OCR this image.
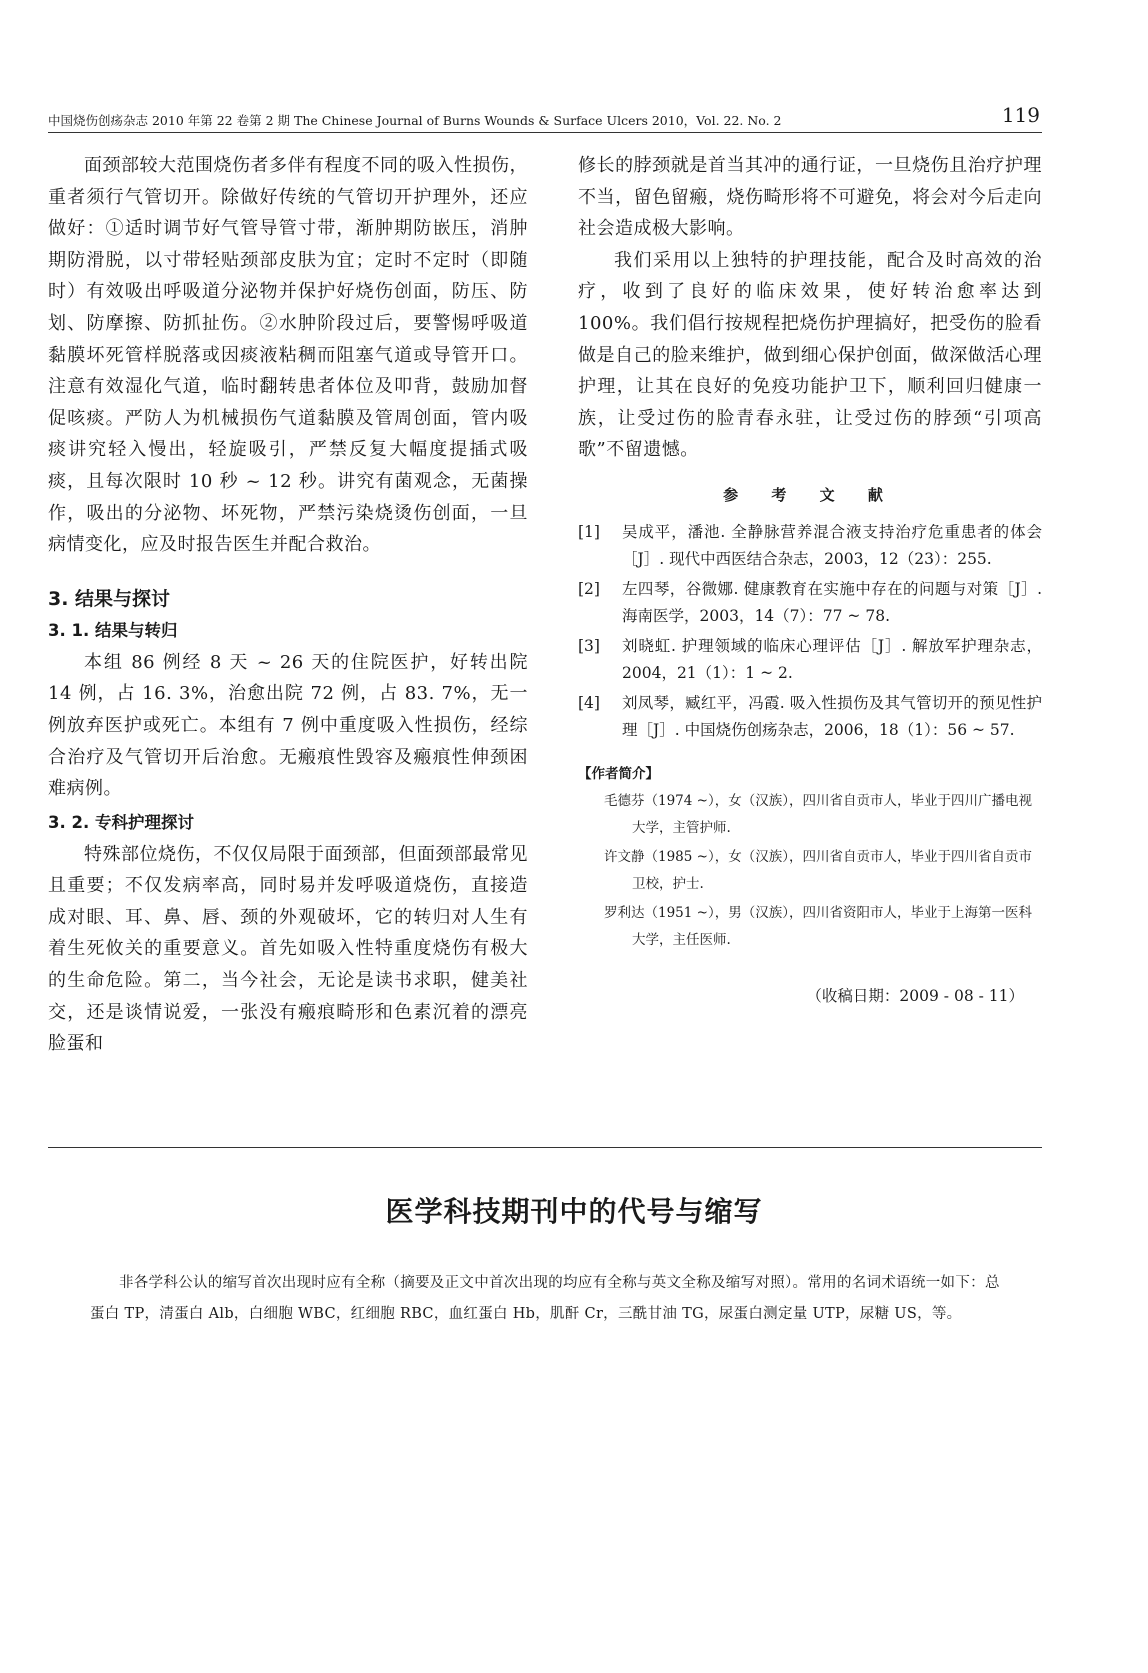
中国烧伤创疡杂志 2010 年第 22 卷第 2 期 The Chinese Journal of Burns Wounds & Surface Ulcers 2010，Vol. 22. No. 2	119

面颈部较大范围烧伤者多伴有程度不同的吸入性损伤，重者须行气管切开。除做好传统的气管切开护理外，还应做好：①适时调节好气管导管寸带，渐肿期防嵌压，消肿期防滑脱，以寸带轻贴颈部皮肤为宜；定时不定时（即随时）有效吸出呼吸道分泌物并保护好烧伤创面，防压、防划、防摩擦、防抓扯伤。②水肿阶段过后，要警惕呼吸道黏膜坏死管样脱落或因痰液粘稠而阻塞气道或导管开口。注意有效湿化气道，临时翻转患者体位及叩背，鼓励加督促咳痰。严防人为机械损伤气道黏膜及管周创面，管内吸痰讲究轻入慢出，轻旋吸引，严禁反复大幅度提插式吸痰，且每次限时 10 秒 ~ 12 秒。讲究有菌观念，无菌操作，吸出的分泌物、坏死物，严禁污染烧烫伤创面，一旦病情变化，应及时报告医生并配合救治。

3. 结果与探讨
3. 1. 结果与转归

本组 86 例经 8 天 ~ 26 天的住院医护，好转出院 14 例，占 16. 3%，治愈出院 72 例，占 83. 7%，无一例放弃医护或死亡。本组有 7 例中重度吸入性损伤，经综合治疗及气管切开后治愈。无瘢痕性毁容及瘢痕性伸颈困难病例。

3. 2. 专科护理探讨

特殊部位烧伤，不仅仅局限于面颈部，但面颈部最常见且重要；不仅发病率高，同时易并发呼吸道烧伤，直接造成对眼、耳、鼻、唇、颈的外观破坏，它的转归对人生有着生死攸关的重要意义。首先如吸入性特重度烧伤有极大的生命危险。第二，当今社会，无论是读书求职，健美社交，还是谈情说爱，一张没有瘢痕畸形和色素沉着的漂亮脸蛋和

修长的脖颈就是首当其冲的通行证，一旦烧伤且治疗护理不当，留色留瘢，烧伤畸形将不可避免，将会对今后走向社会造成极大影响。

我们采用以上独特的护理技能，配合及时高效的治疗，收到了良好的临床效果，使好转治愈率达到 100%。我们倡行按规程把烧伤护理搞好，把受伤的脸看做是自己的脸来维护，做到细心保护创面，做深做活心理护理，让其在良好的免疫功能护卫下，顺利回归健康一族，让受过伤的脸青春永驻，让受过伤的脖颈“引项高歌”不留遗憾。

参 考 文 献
[1] 吴成平，潘池. 全静脉营养混合液支持治疗危重患者的体会［J］. 现代中西医结合杂志，2003，12（23）：255.
[2] 左四琴，谷微娜. 健康教育在实施中存在的问题与对策［J］. 海南医学，2003，14（7）：77 ~ 78.
[3] 刘晓虹. 护理领域的临床心理评估［J］. 解放军护理杂志，2004，21（1）：1 ~ 2.
[4] 刘凤琴，臧红平，冯霞. 吸入性损伤及其气管切开的预见性护理［J］. 中国烧伤创疡杂志，2006，18（1）：56 ~ 57.
【作者简介】

毛德芬（1974 ~），女（汉族），四川省自贡市人，毕业于四川广播电视大学，主管护师.

许文静（1985 ~），女（汉族），四川省自贡市人，毕业于四川省自贡市卫校，护士.

罗利达（1951 ~），男（汉族），四川省资阳市人，毕业于上海第一医科大学，主任医师.

（收稿日期：2009 - 08 - 11）
医学科技期刊中的代号与缩写

非各学科公认的缩写首次出现时应有全称（摘要及正文中首次出现的均应有全称与英文全称及缩写对照）。常用的名词术语统一如下：总蛋白 TP，清蛋白 Alb，白细胞 WBC，红细胞 RBC，血红蛋白 Hb，肌酐 Cr，三酰甘油 TG，尿蛋白测定量 UTP，尿糖 US，等。
